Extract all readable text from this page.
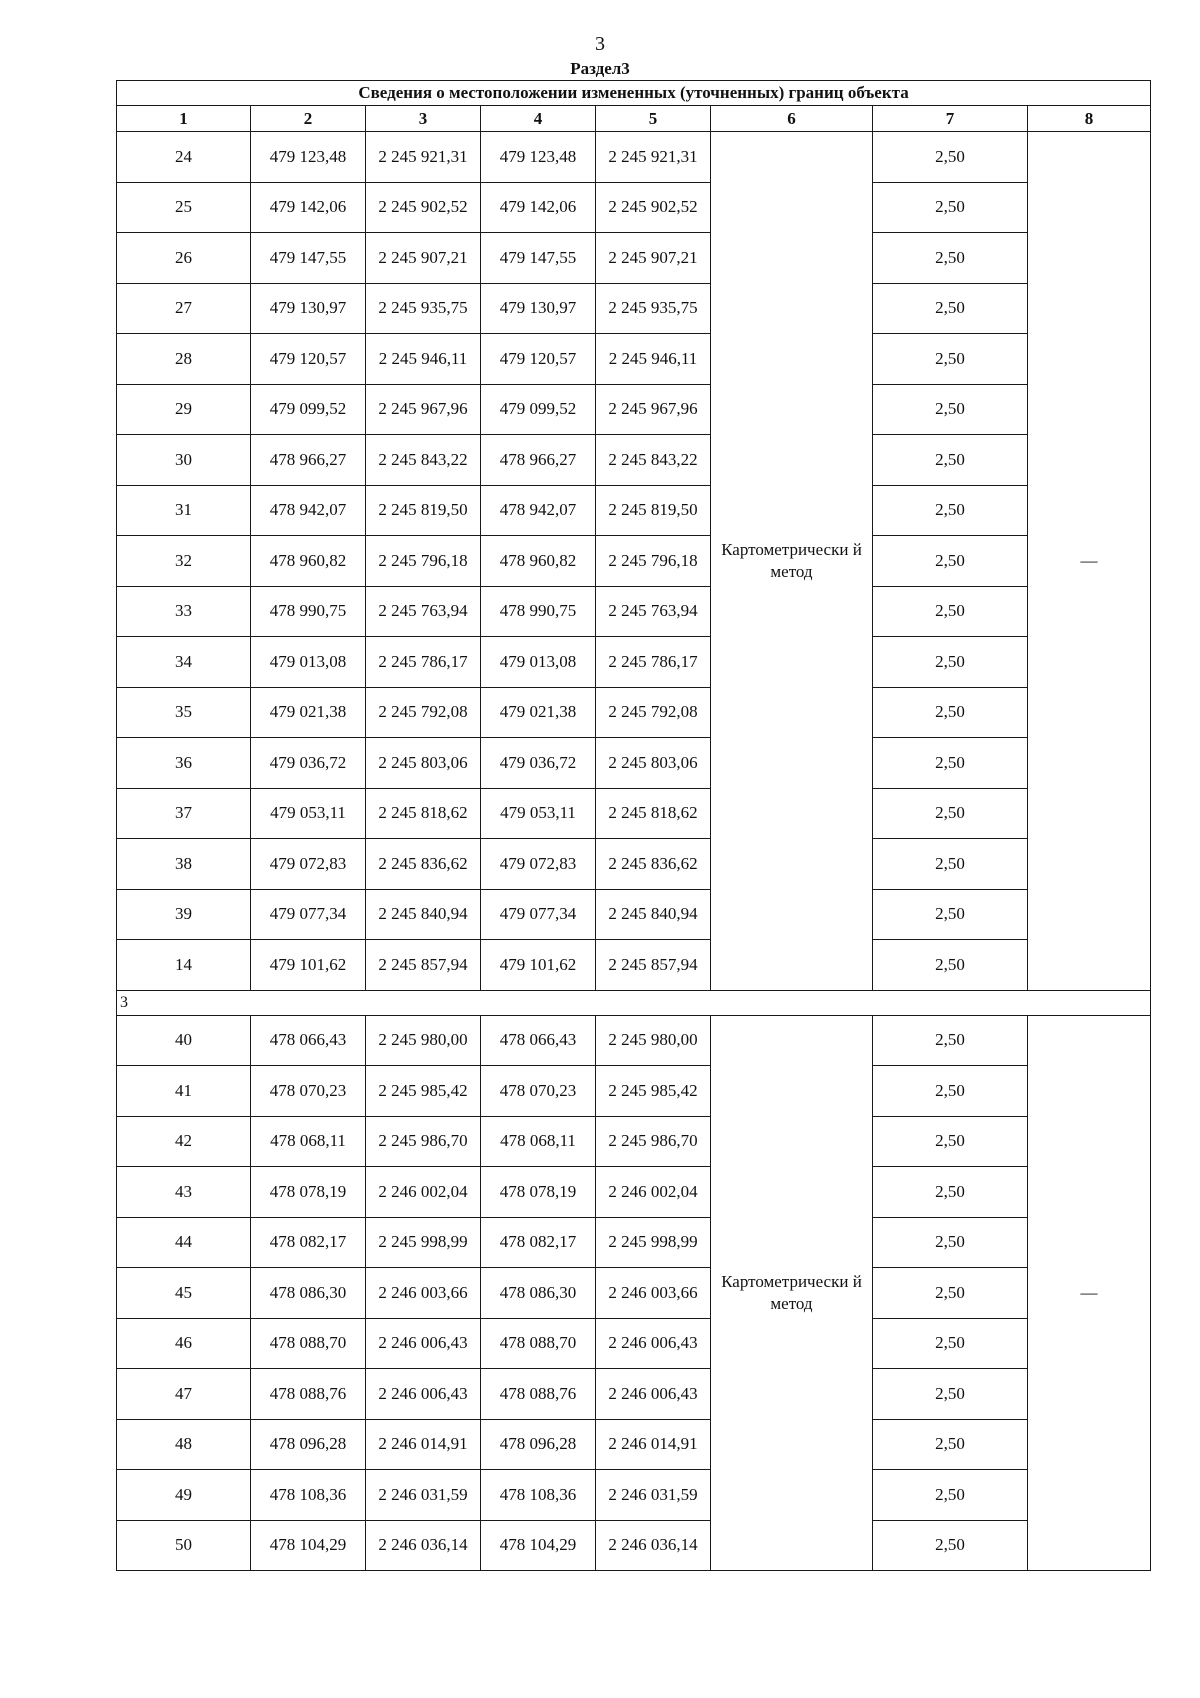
3
Раздел3
Сведения о местоположении измененных (уточненных) границ объекта							
1	2	3	4	5	6	7	8
24	479 123,48	2 245 921,31	479 123,48	2 245 921,31	Картометрически й метод	2,50	—
25	479 142,06	2 245 902,52	479 142,06	2 245 902,52		2,50	
26	479 147,55	2 245 907,21	479 147,55	2 245 907,21		2,50	
27	479 130,97	2 245 935,75	479 130,97	2 245 935,75		2,50	
28	479 120,57	2 245 946,11	479 120,57	2 245 946,11		2,50	
29	479 099,52	2 245 967,96	479 099,52	2 245 967,96		2,50	
30	478 966,27	2 245 843,22	478 966,27	2 245 843,22		2,50	
31	478 942,07	2 245 819,50	478 942,07	2 245 819,50		2,50	
32	478 960,82	2 245 796,18	478 960,82	2 245 796,18		2,50	
33	478 990,75	2 245 763,94	478 990,75	2 245 763,94		2,50	
34	479 013,08	2 245 786,17	479 013,08	2 245 786,17		2,50	
35	479 021,38	2 245 792,08	479 021,38	2 245 792,08		2,50	
36	479 036,72	2 245 803,06	479 036,72	2 245 803,06		2,50	
37	479 053,11	2 245 818,62	479 053,11	2 245 818,62		2,50	
38	479 072,83	2 245 836,62	479 072,83	2 245 836,62		2,50	
39	479 077,34	2 245 840,94	479 077,34	2 245 840,94		2,50	
14	479 101,62	2 245 857,94	479 101,62	2 245 857,94		2,50	
3							
40	478 066,43	2 245 980,00	478 066,43	2 245 980,00	Картометрически й метод	2,50	—
41	478 070,23	2 245 985,42	478 070,23	2 245 985,42		2,50	
42	478 068,11	2 245 986,70	478 068,11	2 245 986,70		2,50	
43	478 078,19	2 246 002,04	478 078,19	2 246 002,04		2,50	
44	478 082,17	2 245 998,99	478 082,17	2 245 998,99		2,50	
45	478 086,30	2 246 003,66	478 086,30	2 246 003,66		2,50	
46	478 088,70	2 246 006,43	478 088,70	2 246 006,43		2,50	
47	478 088,76	2 246 006,43	478 088,76	2 246 006,43		2,50	
48	478 096,28	2 246 014,91	478 096,28	2 246 014,91		2,50	
49	478 108,36	2 246 031,59	478 108,36	2 246 031,59		2,50	
50	478 104,29	2 246 036,14	478 104,29	2 246 036,14		2,50	
